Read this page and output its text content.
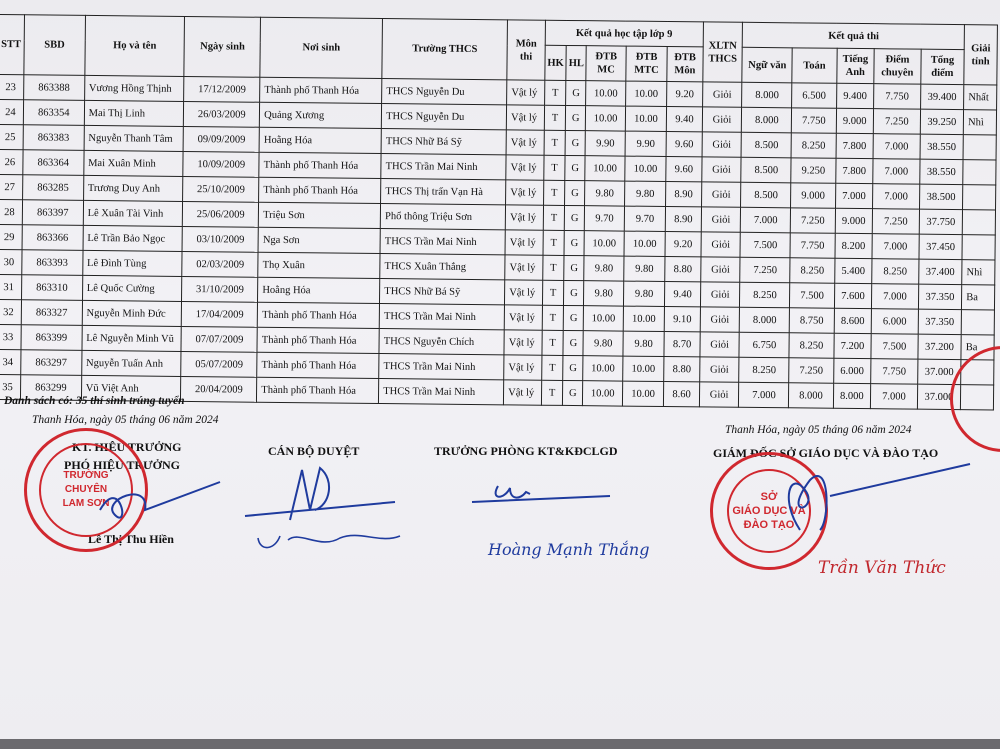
STT	SBD	Họ và tên	Ngày sinh	Nơi sinh	Trường THCS	Môn thi	Kết quả học tập lớp 9					XLTN THCS	Kết quả thi					Giải tỉnh
							HK	HL	ĐTB MC	ĐTB MTC	ĐTB Môn		Ngữ văn	Toán	Tiếng Anh	Điểm chuyên	Tổng điểm	
23	863388	Vương Hồng Thịnh	17/12/2009	Thành phố Thanh Hóa	THCS Nguyễn Du	Vật lý	T	G	10.00	10.00	9.20	Giỏi	8.000	6.500	9.400	7.750	39.400	Nhất
24	863354	Mai Thị Linh	26/03/2009	Quảng Xương	THCS Nguyễn Du	Vật lý	T	G	10.00	10.00	9.40	Giỏi	8.000	7.750	9.000	7.250	39.250	Nhì
25	863383	Nguyễn Thanh Tâm	09/09/2009	Hoằng Hóa	THCS Nhữ Bá Sỹ	Vật lý	T	G	9.90	9.90	9.60	Giỏi	8.500	8.250	7.800	7.000	38.550	
26	863364	Mai Xuân Minh	10/09/2009	Thành phố Thanh Hóa	THCS Trần Mai Ninh	Vật lý	T	G	10.00	10.00	9.60	Giỏi	8.500	9.250	7.800	7.000	38.550	
27	863285	Trương Duy Anh	25/10/2009	Thành phố Thanh Hóa	THCS Thị trấn Vạn Hà	Vật lý	T	G	9.80	9.80	8.90	Giỏi	8.500	9.000	7.000	7.000	38.500	
28	863397	Lê Xuân Tài Vinh	25/06/2009	Triệu Sơn	Phổ thông Triệu Sơn	Vật lý	T	G	9.70	9.70	8.90	Giỏi	7.000	7.250	9.000	7.250	37.750	
29	863366	Lê Trần Bảo Ngọc	03/10/2009	Nga Sơn	THCS Trần Mai Ninh	Vật lý	T	G	10.00	10.00	9.20	Giỏi	7.500	7.750	8.200	7.000	37.450	
30	863393	Lê Đình Tùng	02/03/2009	Thọ Xuân	THCS Xuân Thắng	Vật lý	T	G	9.80	9.80	8.80	Giỏi	7.250	8.250	5.400	8.250	37.400	Nhì
31	863310	Lê Quốc Cường	31/10/2009	Hoằng Hóa	THCS Nhữ Bá Sỹ	Vật lý	T	G	9.80	9.80	9.40	Giỏi	8.250	7.500	7.600	7.000	37.350	Ba
32	863327	Nguyễn Minh Đức	17/04/2009	Thành phố Thanh Hóa	THCS Trần Mai Ninh	Vật lý	T	G	10.00	10.00	9.10	Giỏi	8.000	8.750	8.600	6.000	37.350	
33	863399	Lê Nguyễn Minh Vũ	07/07/2009	Thành phố Thanh Hóa	THCS Nguyễn Chích	Vật lý	T	G	9.80	9.80	8.70	Giỏi	6.750	8.250	7.200	7.500	37.200	Ba
34	863297	Nguyễn Tuấn Anh	05/07/2009	Thành phố Thanh Hóa	THCS Trần Mai Ninh	Vật lý	T	G	10.00	10.00	8.80	Giỏi	8.250	7.250	6.000	7.750	37.000	
35	863299	Vũ Việt Anh	20/04/2009	Thành phố Thanh Hóa	THCS Trần Mai Ninh	Vật lý	T	G	10.00	10.00	8.60	Giỏi	7.000	8.000	8.000	7.000	37.000	
Danh sách có: 35 thí sinh trúng tuyển
Thanh Hóa, ngày 05 tháng 06 năm 2024
Thanh Hóa, ngày 05 tháng 06 năm 2024
KT. HIỆU TRƯỞNG
PHÓ HIỆU TRƯỞNG
CÁN BỘ DUYỆT	TRƯỞNG PHÒNG KT&KĐCLGD	GIÁM ĐỐC SỞ GIÁO DỤC VÀ ĐÀO TẠO
Lê Thị Thu Hiền
TRƯỜNG
CHUYÊN
LAM SƠN
SỞ
GIÁO DỤC VÀ
ĐÀO TẠO
Hoàng Mạnh Thắng
Trần Văn Thức
